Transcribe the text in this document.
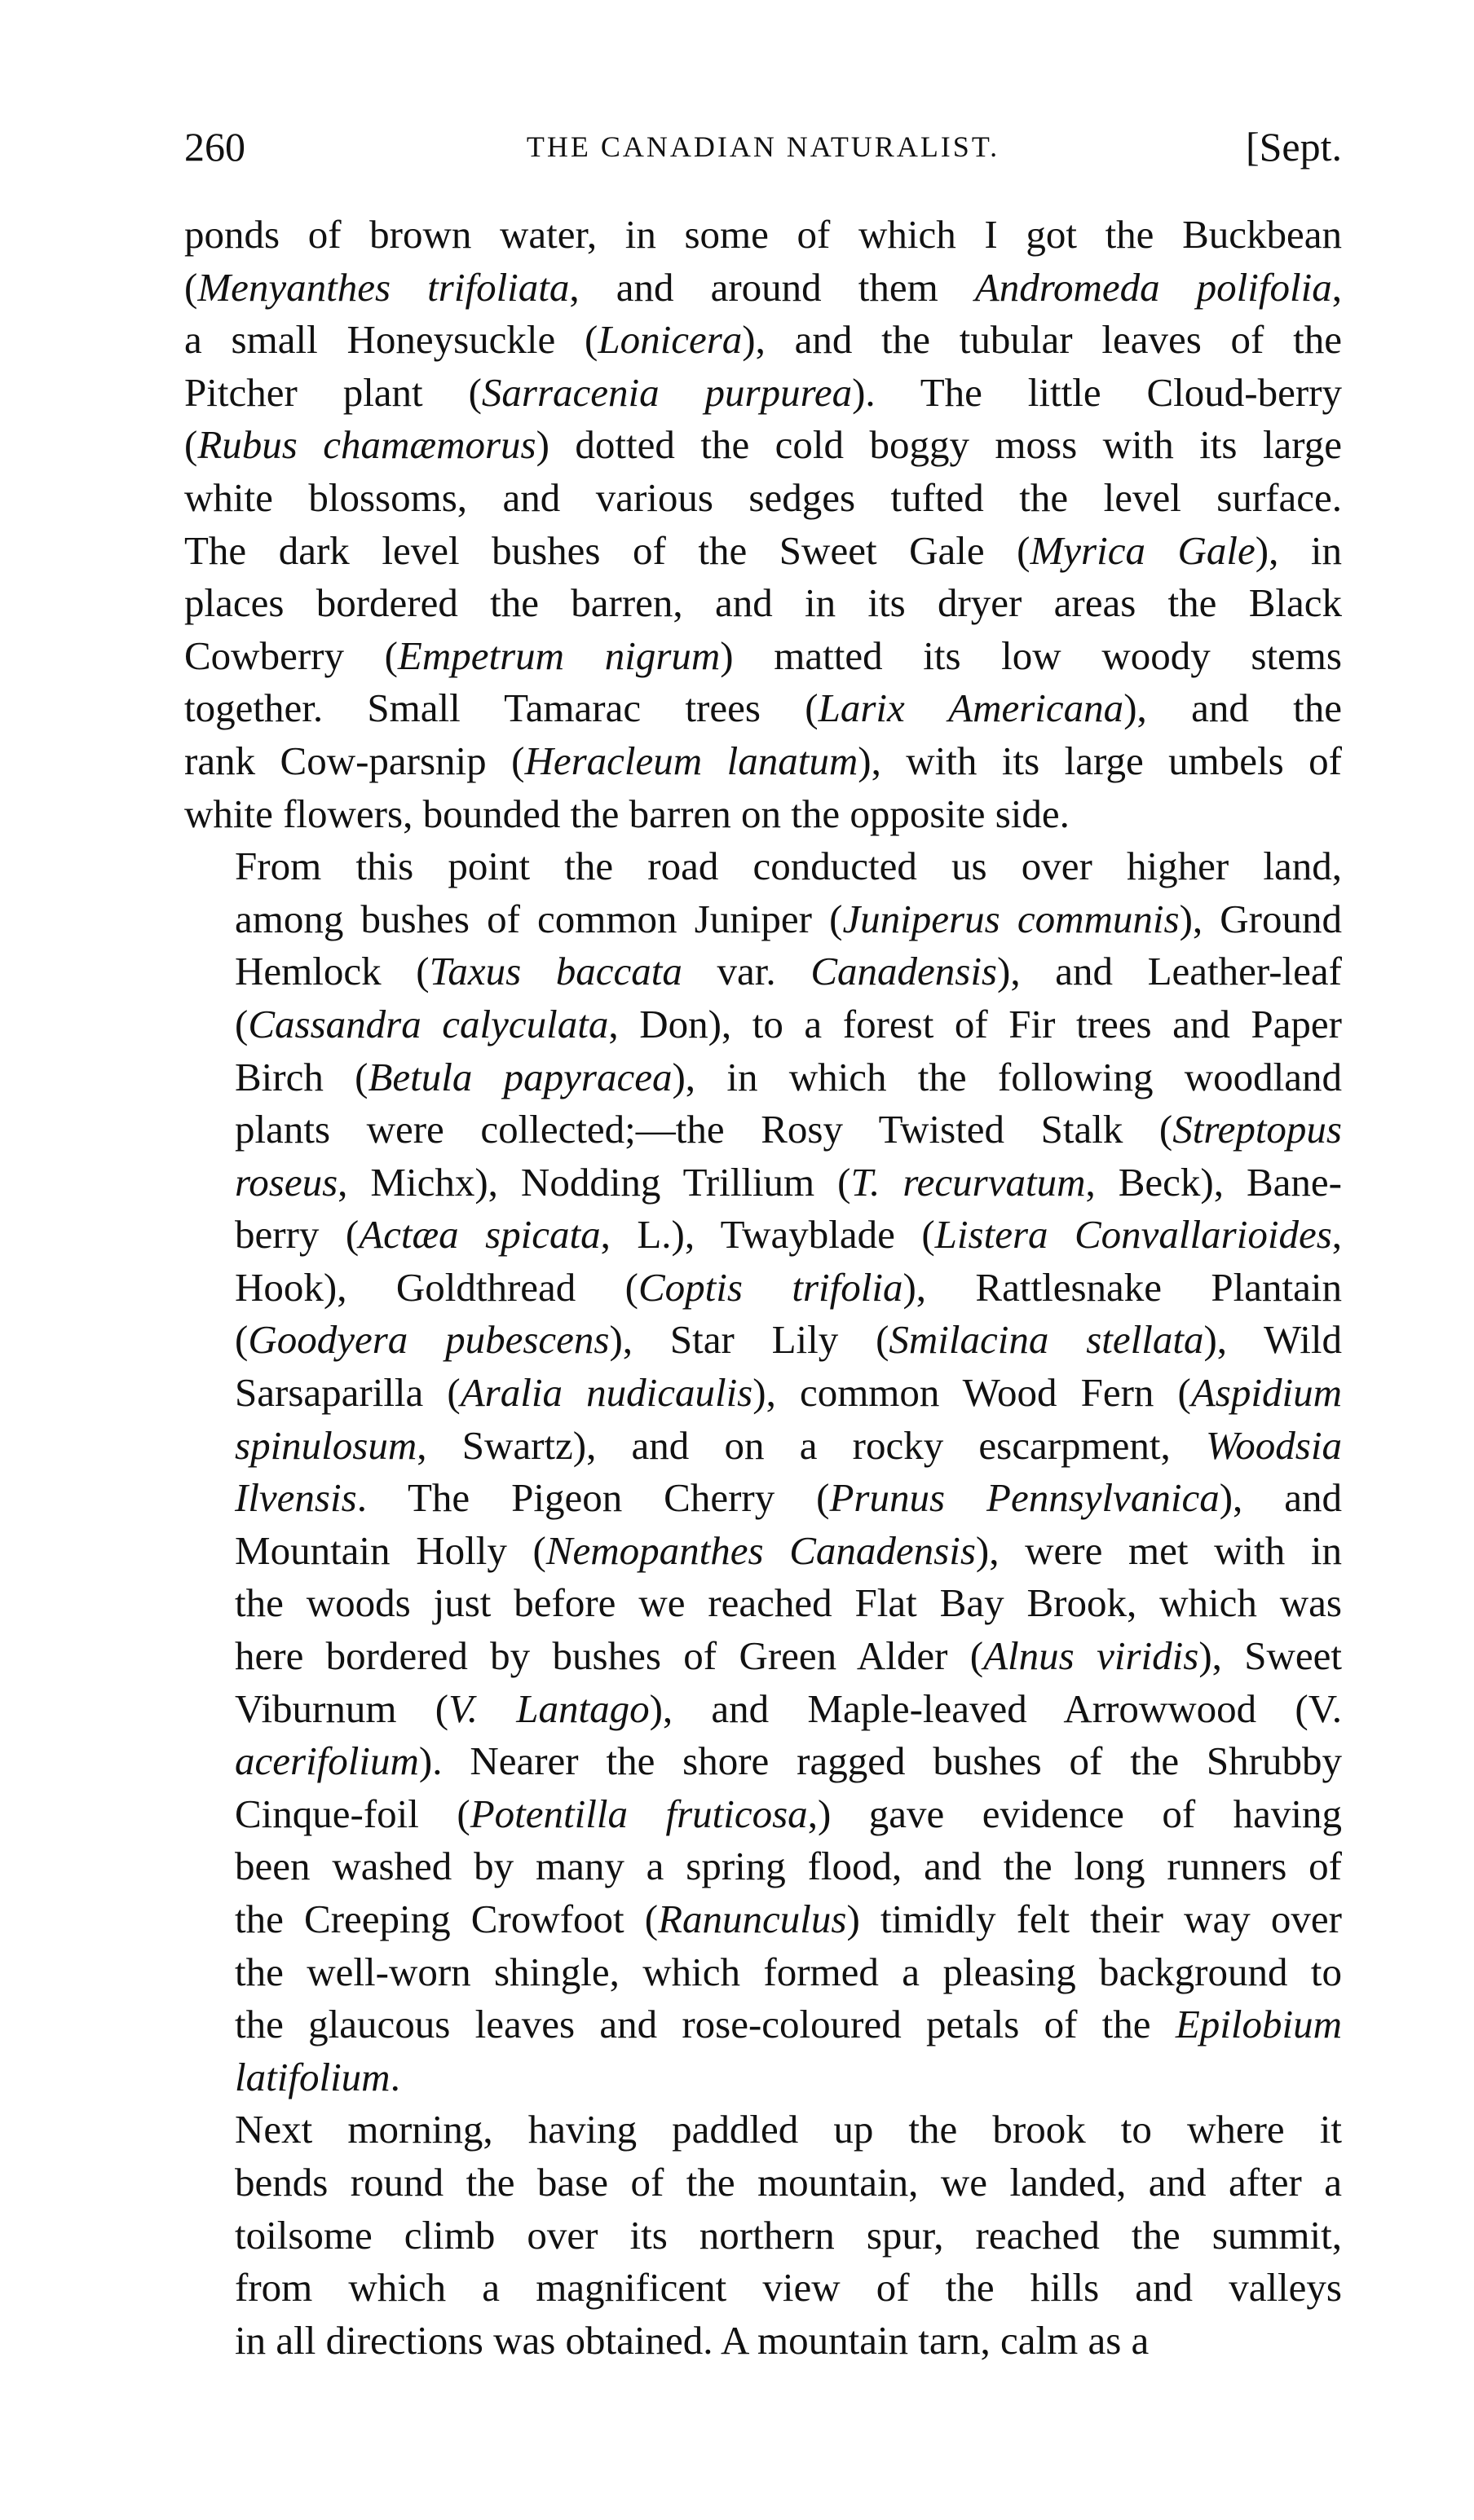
260	THE CANADIAN NATURALIST.	[Sept.

ponds of brown water, in some of which I got the Buckbean
(Menyanthes trifoliata, and around them Andromeda polifolia,
a small Honeysuckle (Lonicera), and the tubular leaves of the
Pitcher plant (Sarracenia purpurea). The little Cloud-berry
(Rubus chamæmorus) dotted the cold boggy moss with its large
white blossoms, and various sedges tufted the level surface.
The dark level bushes of the Sweet Gale (Myrica Gale), in
places bordered the barren, and in its dryer areas the Black
Cowberry (Empetrum nigrum) matted its low woody stems
together. Small Tamarac trees (Larix Americana), and the
rank Cow-parsnip (Heracleum lanatum), with its large umbels of
white flowers, bounded the barren on the opposite side.

From this point the road conducted us over higher land,
among bushes of common Juniper (Juniperus communis), Ground
Hemlock (Taxus baccata var. Canadensis), and Leather-leaf
(Cassandra calyculata, Don), to a forest of Fir trees and Paper
Birch (Betula papyracea), in which the following woodland
plants were collected;—the Rosy Twisted Stalk (Streptopus
roseus, Michx), Nodding Trillium (T. recurvatum, Beck), Bane-
berry (Actæa spicata, L.), Twayblade (Listera Convallarioides,
Hook), Goldthread (Coptis trifolia), Rattlesnake Plantain
(Goodyera pubescens), Star Lily (Smilacina stellata), Wild
Sarsaparilla (Aralia nudicaulis), common Wood Fern (Aspidium
spinulosum, Swartz), and on a rocky escarpment, Woodsia
Ilvensis. The Pigeon Cherry (Prunus Pennsylvanica), and
Mountain Holly (Nemopanthes Canadensis), were met with in
the woods just before we reached Flat Bay Brook, which was
here bordered by bushes of Green Alder (Alnus viridis), Sweet
Viburnum (V. Lantago), and Maple-leaved Arrowwood (V.
acerifolium). Nearer the shore ragged bushes of the Shrubby
Cinque-foil (Potentilla fruticosa,) gave evidence of having
been washed by many a spring flood, and the long runners of
the Creeping Crowfoot (Ranunculus) timidly felt their way over
the well-worn shingle, which formed a pleasing background to
the glaucous leaves and rose-coloured petals of the Epilobium
latifolium.

Next morning, having paddled up the brook to where it
bends round the base of the mountain, we landed, and after a
toilsome climb over its northern spur, reached the summit,
from which a magnificent view of the hills and valleys
in all directions was obtained. A mountain tarn, calm as a
